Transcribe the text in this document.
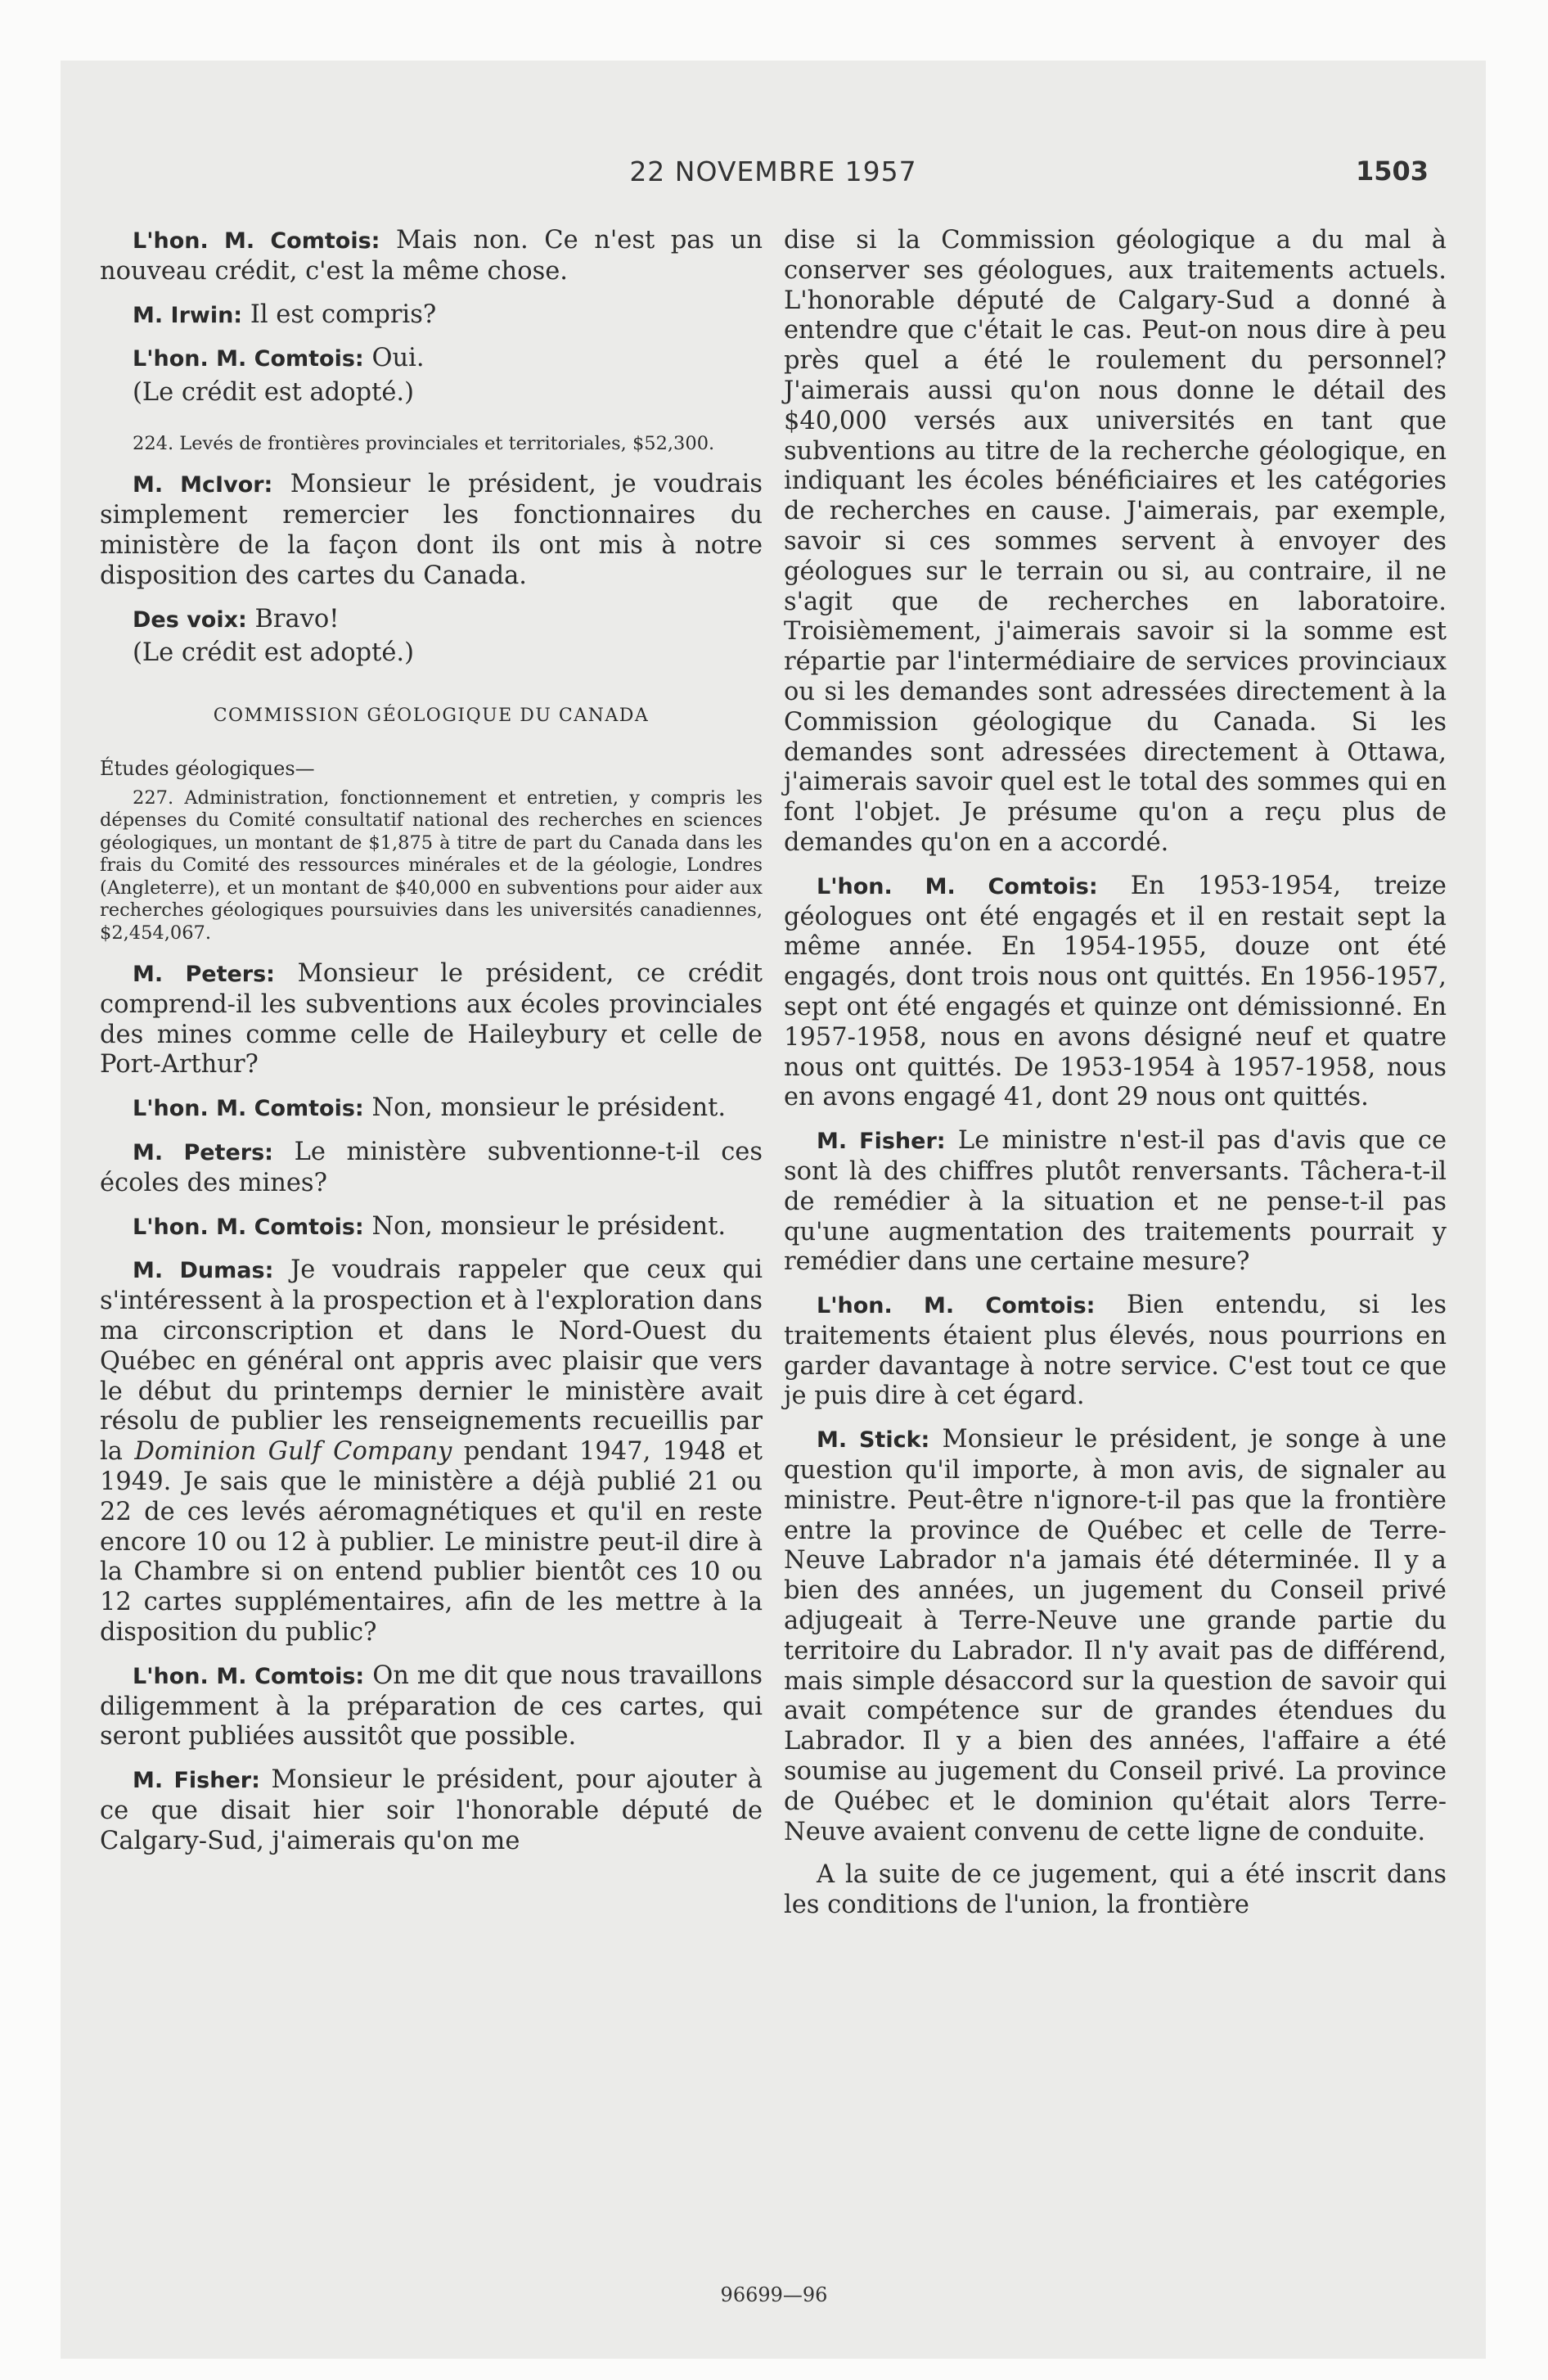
22 NOVEMBRE 1957	1503

L'hon. M. Comtois: Mais non. Ce n'est pas un nouveau crédit, c'est la même chose.

M. Irwin: Il est compris?

L'hon. M. Comtois: Oui.

(Le crédit est adopté.)

224. Levés de frontières provinciales et territoriales, $52,300.

M. McIvor: Monsieur le président, je voudrais simplement remercier les fonctionnaires du ministère de la façon dont ils ont mis à notre disposition des cartes du Canada.

Des voix: Bravo!

(Le crédit est adopté.)

COMMISSION GÉOLOGIQUE DU CANADA

Études géologiques—

227. Administration, fonctionnement et entretien, y compris les dépenses du Comité consultatif national des recherches en sciences géologiques, un montant de $1,875 à titre de part du Canada dans les frais du Comité des ressources minérales et de la géologie, Londres (Angleterre), et un montant de $40,000 en subventions pour aider aux recherches géologiques poursuivies dans les universités canadiennes, $2,454,067.

M. Peters: Monsieur le président, ce crédit comprend-il les subventions aux écoles provinciales des mines comme celle de Haileybury et celle de Port-Arthur?

L'hon. M. Comtois: Non, monsieur le président.

M. Peters: Le ministère subventionne-t-il ces écoles des mines?

L'hon. M. Comtois: Non, monsieur le président.

M. Dumas: Je voudrais rappeler que ceux qui s'intéressent à la prospection et à l'exploration dans ma circonscription et dans le Nord-Ouest du Québec en général ont appris avec plaisir que vers le début du printemps dernier le ministère avait résolu de publier les renseignements recueillis par la Dominion Gulf Company pendant 1947, 1948 et 1949. Je sais que le ministère a déjà publié 21 ou 22 de ces levés aéromagnétiques et qu'il en reste encore 10 ou 12 à publier. Le ministre peut-il dire à la Chambre si on entend publier bientôt ces 10 ou 12 cartes supplémentaires, afin de les mettre à la disposition du public?

L'hon. M. Comtois: On me dit que nous travaillons diligemment à la préparation de ces cartes, qui seront publiées aussitôt que possible.

M. Fisher: Monsieur le président, pour ajouter à ce que disait hier soir l'honorable député de Calgary-Sud, j'aimerais qu'on me

dise si la Commission géologique a du mal à conserver ses géologues, aux traitements actuels. L'honorable député de Calgary-Sud a donné à entendre que c'était le cas. Peut-on nous dire à peu près quel a été le roulement du personnel? J'aimerais aussi qu'on nous donne le détail des $40,000 versés aux universités en tant que subventions au titre de la recherche géologique, en indiquant les écoles bénéficiaires et les catégories de recherches en cause. J'aimerais, par exemple, savoir si ces sommes servent à envoyer des géologues sur le terrain ou si, au contraire, il ne s'agit que de recherches en laboratoire. Troisièmement, j'aimerais savoir si la somme est répartie par l'intermédiaire de services provinciaux ou si les demandes sont adressées directement à la Commission géologique du Canada. Si les demandes sont adressées directement à Ottawa, j'aimerais savoir quel est le total des sommes qui en font l'objet. Je présume qu'on a reçu plus de demandes qu'on en a accordé.

L'hon. M. Comtois: En 1953-1954, treize géologues ont été engagés et il en restait sept la même année. En 1954-1955, douze ont été engagés, dont trois nous ont quittés. En 1956-1957, sept ont été engagés et quinze ont démissionné. En 1957-1958, nous en avons désigné neuf et quatre nous ont quittés. De 1953-1954 à 1957-1958, nous en avons engagé 41, dont 29 nous ont quittés.

M. Fisher: Le ministre n'est-il pas d'avis que ce sont là des chiffres plutôt renversants. Tâchera-t-il de remédier à la situation et ne pense-t-il pas qu'une augmentation des traitements pourrait y remédier dans une certaine mesure?

L'hon. M. Comtois: Bien entendu, si les traitements étaient plus élevés, nous pourrions en garder davantage à notre service. C'est tout ce que je puis dire à cet égard.

M. Stick: Monsieur le président, je songe à une question qu'il importe, à mon avis, de signaler au ministre. Peut-être n'ignore-t-il pas que la frontière entre la province de Québec et celle de Terre-Neuve Labrador n'a jamais été déterminée. Il y a bien des années, un jugement du Conseil privé adjugeait à Terre-Neuve une grande partie du territoire du Labrador. Il n'y avait pas de différend, mais simple désaccord sur la question de savoir qui avait compétence sur de grandes étendues du Labrador. Il y a bien des années, l'affaire a été soumise au jugement du Conseil privé. La province de Québec et le dominion qu'était alors Terre-Neuve avaient convenu de cette ligne de conduite.

A la suite de ce jugement, qui a été inscrit dans les conditions de l'union, la frontière

96699—96
